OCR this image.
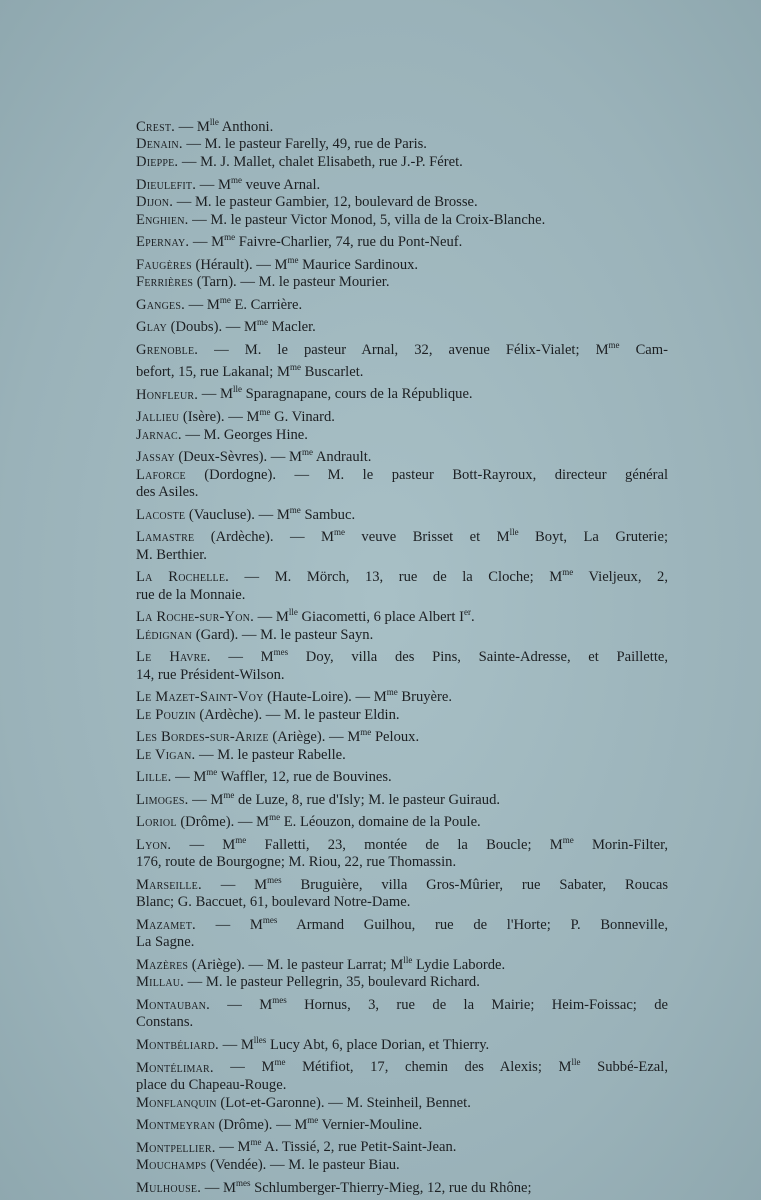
Crest. — $M^{lle}$ Anthoni.
Denain. — M. le pasteur Farelly, 49, rue de Paris.
Dieppe. — M. J. Mallet, chalet Elisabeth, rue J.-P. Féret.
Dieulefit. — $M^{me}$ veuve Arnal.
Dijon. — M. le pasteur Gambier, 12, boulevard de Brosse.
Enghien. — M. le pasteur Victor Monod, 5, villa de la Croix-Blanche.
Epernay. — $M^{me}$ Faivre-Charlier, 74, rue du Pont-Neuf.
Faugères (Hérault). — $M^{me}$ Maurice Sardinoux.
Ferrières (Tarn). — M. le pasteur Mourier.
Ganges. — $M^{me}$ E. Carrière.
Glay (Doubs). — $M^{me}$ Macler.
Grenoble. — M. le pasteur Arnal, 32, avenue Félix-Vialet; $M^{me}$ Cam-
befort, 15, rue Lakanal; $M^{me}$ Buscarlet.
Honfleur. — $M^{lle}$ Sparagnapane, cours de la République.
Jallieu (Isère). — $M^{me}$ G. Vinard.
Jarnac. — M. Georges Hine.
Jassay (Deux-Sèvres). — $M^{me}$ Andrault.
Laforce (Dordogne). — M. le pasteur Bott-Rayroux, directeur général
des Asiles.
Lacoste (Vaucluse). — $M^{me}$ Sambuc.
Lamastre (Ardèche). — $M^{me}$ veuve Brisset et $M^{lle}$ Boyt, La Gruterie;
M. Berthier.
La Rochelle. — M. Mörch, 13, rue de la Cloche; $M^{me}$ Vieljeux, 2,
rue de la Monnaie.
La Roche-sur-Yon. — $M^{lle}$ Giacometti, 6 place Albert Ier.
Lédignan (Gard). — M. le pasteur Sayn.
Le Havre. — $M^{mes}$ Doy, villa des Pins, Sainte-Adresse, et Paillette,
14, rue Président-Wilson.
Le Mazet-Saint-Voy (Haute-Loire). — $M^{me}$ Bruyère.
Le Pouzin (Ardèche). — M. le pasteur Eldin.
Les Bordes-sur-Arize (Ariège). — $M^{me}$ Peloux.
Le Vigan. — M. le pasteur Rabelle.
Lille. — $M^{me}$ Waffler, 12, rue de Bouvines.
Limoges. — $M^{me}$ de Luze, 8, rue d'Isly; M. le pasteur Guiraud.
Loriol (Drôme). — $M^{me}$ E. Léouzon, domaine de la Poule.
Lyon. — $M^{me}$ Falletti, 23, montée de la Boucle; $M^{me}$ Morin-Filter,
176, route de Bourgogne; M. Riou, 22, rue Thomassin.
Marseille. — $M^{mes}$ Bruguière, villa Gros-Mûrier, rue Sabater, Roucas
Blanc; G. Baccuet, 61, boulevard Notre-Dame.
Mazamet. — $M^{mes}$ Armand Guilhou, rue de l'Horte; P. Bonneville,
La Sagne.
Mazères (Ariège). — M. le pasteur Larrat; $M^{lle}$ Lydie Laborde.
Millau. — M. le pasteur Pellegrin, 35, boulevard Richard.
Montauban. — $M^{mes}$ Hornus, 3, rue de la Mairie; Heim-Foissac; de
Constans.
Montbéliard. — $M^{lles}$ Lucy Abt, 6, place Dorian, et Thierry.
Montélimar. — $M^{me}$ Métifiot, 17, chemin des Alexis; $M^{lle}$ Subbé-Ezal,
place du Chapeau-Rouge.
Monflanquin (Lot-et-Garonne). — M. Steinheil, Bennet.
Montmeyran (Drôme). — $M^{me}$ Vernier-Mouline.
Montpellier. — $M^{me}$ A. Tissié, 2, rue Petit-Saint-Jean.
Mouchamps (Vendée). — M. le pasteur Biau.
Mulhouse. — $M^{mes}$ Schlumberger-Thierry-Mieg, 12, rue du Rhône;
